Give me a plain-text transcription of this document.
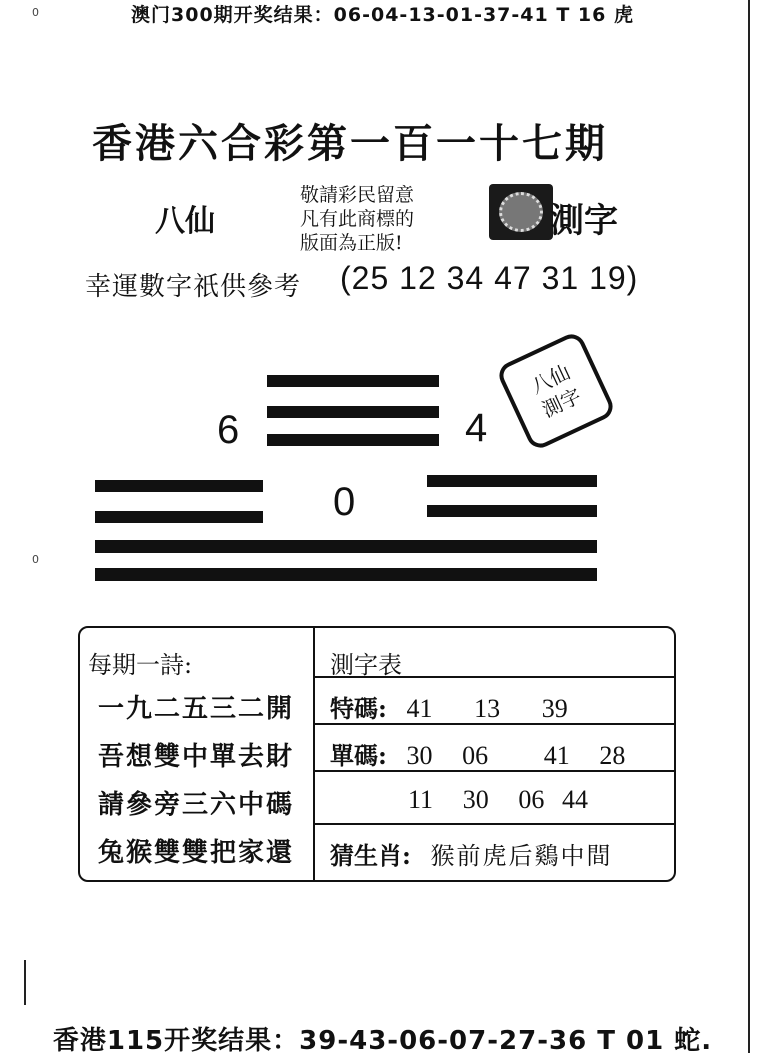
澳门300期开奖结果：06-04-13-01-37-41 T 16 虎
0
0
香港六合彩第一百一十七期
八仙
敬請彩民留意
凡有此商標的
版面為正版!
測字
幸運數字祇供參考 (25 12 34 47 31 19)
6	4
0
八仙
測字
每期一詩:
一九二五三二開
吾想雙中單去財
請參旁三六中碼
兔猴雙雙把家還
測字表
特碼: 41 13 39
單碼: 30 06 41 28
11 30 06 44
猜生肖: 猴前虎后鷄中間
香港115开奖结果：39-43-06-07-27-36 T 01 蛇.
